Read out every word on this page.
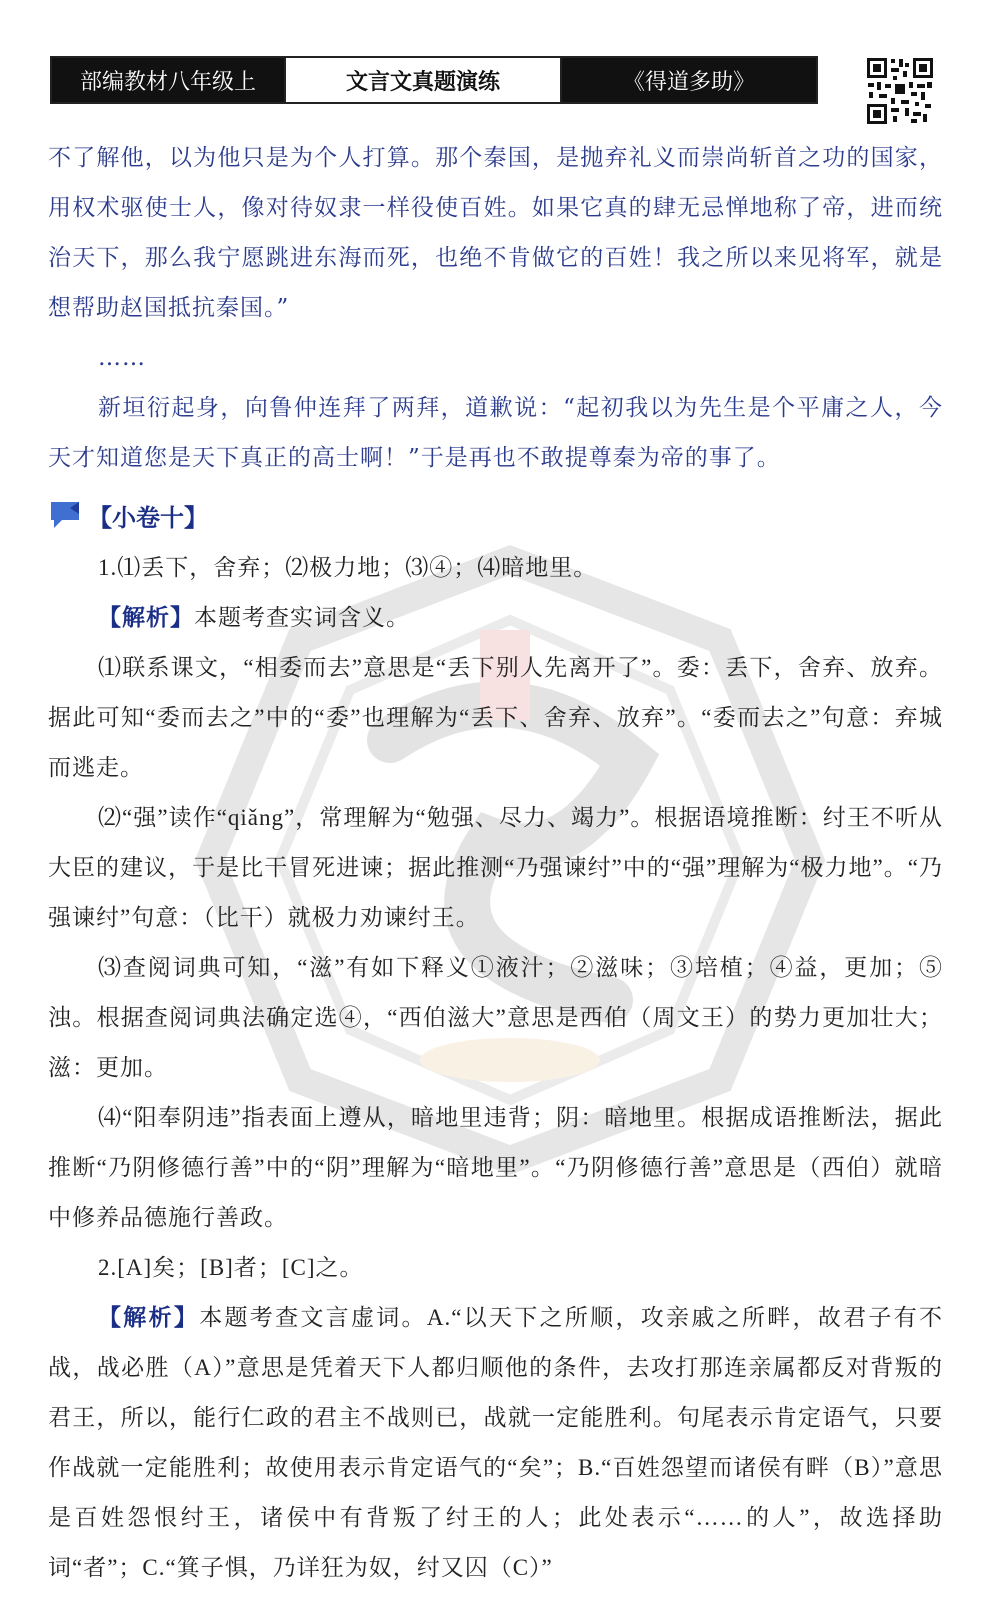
部编教材八年级上	文言文真题演练	《得道多助》

不了解他，以为他只是为个人打算。那个秦国，是抛弃礼义而崇尚斩首之功的国家，用权术驱使士人，像对待奴隶一样役使百姓。如果它真的肆无忌惮地称了帝，进而统治天下，那么我宁愿跳进东海而死，也绝不肯做它的百姓！我之所以来见将军，就是想帮助赵国抵抗秦国。”

……

新垣衍起身，向鲁仲连拜了两拜，道歉说：“起初我以为先生是个平庸之人，今天才知道您是天下真正的高士啊！”于是再也不敢提尊秦为帝的事了。

【小卷十】

1.⑴丢下，舍弃；⑵极力地；⑶④；⑷暗地里。

【解析】本题考查实词含义。

⑴联系课文，“相委而去”意思是“丢下别人先离开了”。委：丢下，舍弃、放弃。据此可知“委而去之”中的“委”也理解为“丢下、舍弃、放弃”。“委而去之”句意：弃城而逃走。

⑵“强”读作“qiǎng”，常理解为“勉强、尽力、竭力”。根据语境推断：纣王不听从大臣的建议，于是比干冒死进谏；据此推测“乃强谏纣”中的“强”理解为“极力地”。“乃强谏纣”句意：（比干）就极力劝谏纣王。

⑶查阅词典可知，“滋”有如下释义①液汁；②滋味；③培植；④益，更加；⑤浊。根据查阅词典法确定选④，“西伯滋大”意思是西伯（周文王）的势力更加壮大；滋：更加。

⑷“阳奉阴违”指表面上遵从，暗地里违背；阴：暗地里。根据成语推断法，据此推断“乃阴修德行善”中的“阴”理解为“暗地里”。“乃阴修德行善”意思是（西伯）就暗中修养品德施行善政。

2.[A]矣；[B]者；[C]之。

【解析】本题考查文言虚词。A.“以天下之所顺，攻亲戚之所畔，故君子有不战，战必胜（A）”意思是凭着天下人都归顺他的条件，去攻打那连亲属都反对背叛的君王，所以，能行仁政的君主不战则已，战就一定能胜利。句尾表示肯定语气，只要作战就一定能胜利；故使用表示肯定语气的“矣”；B.“百姓怨望而诸侯有畔（B）”意思是百姓怨恨纣王，诸侯中有背叛了纣王的人；此处表示“……的人”，故选择助词“者”；C.“箕子惧，乃详狂为奴，纣又囚（C）”
